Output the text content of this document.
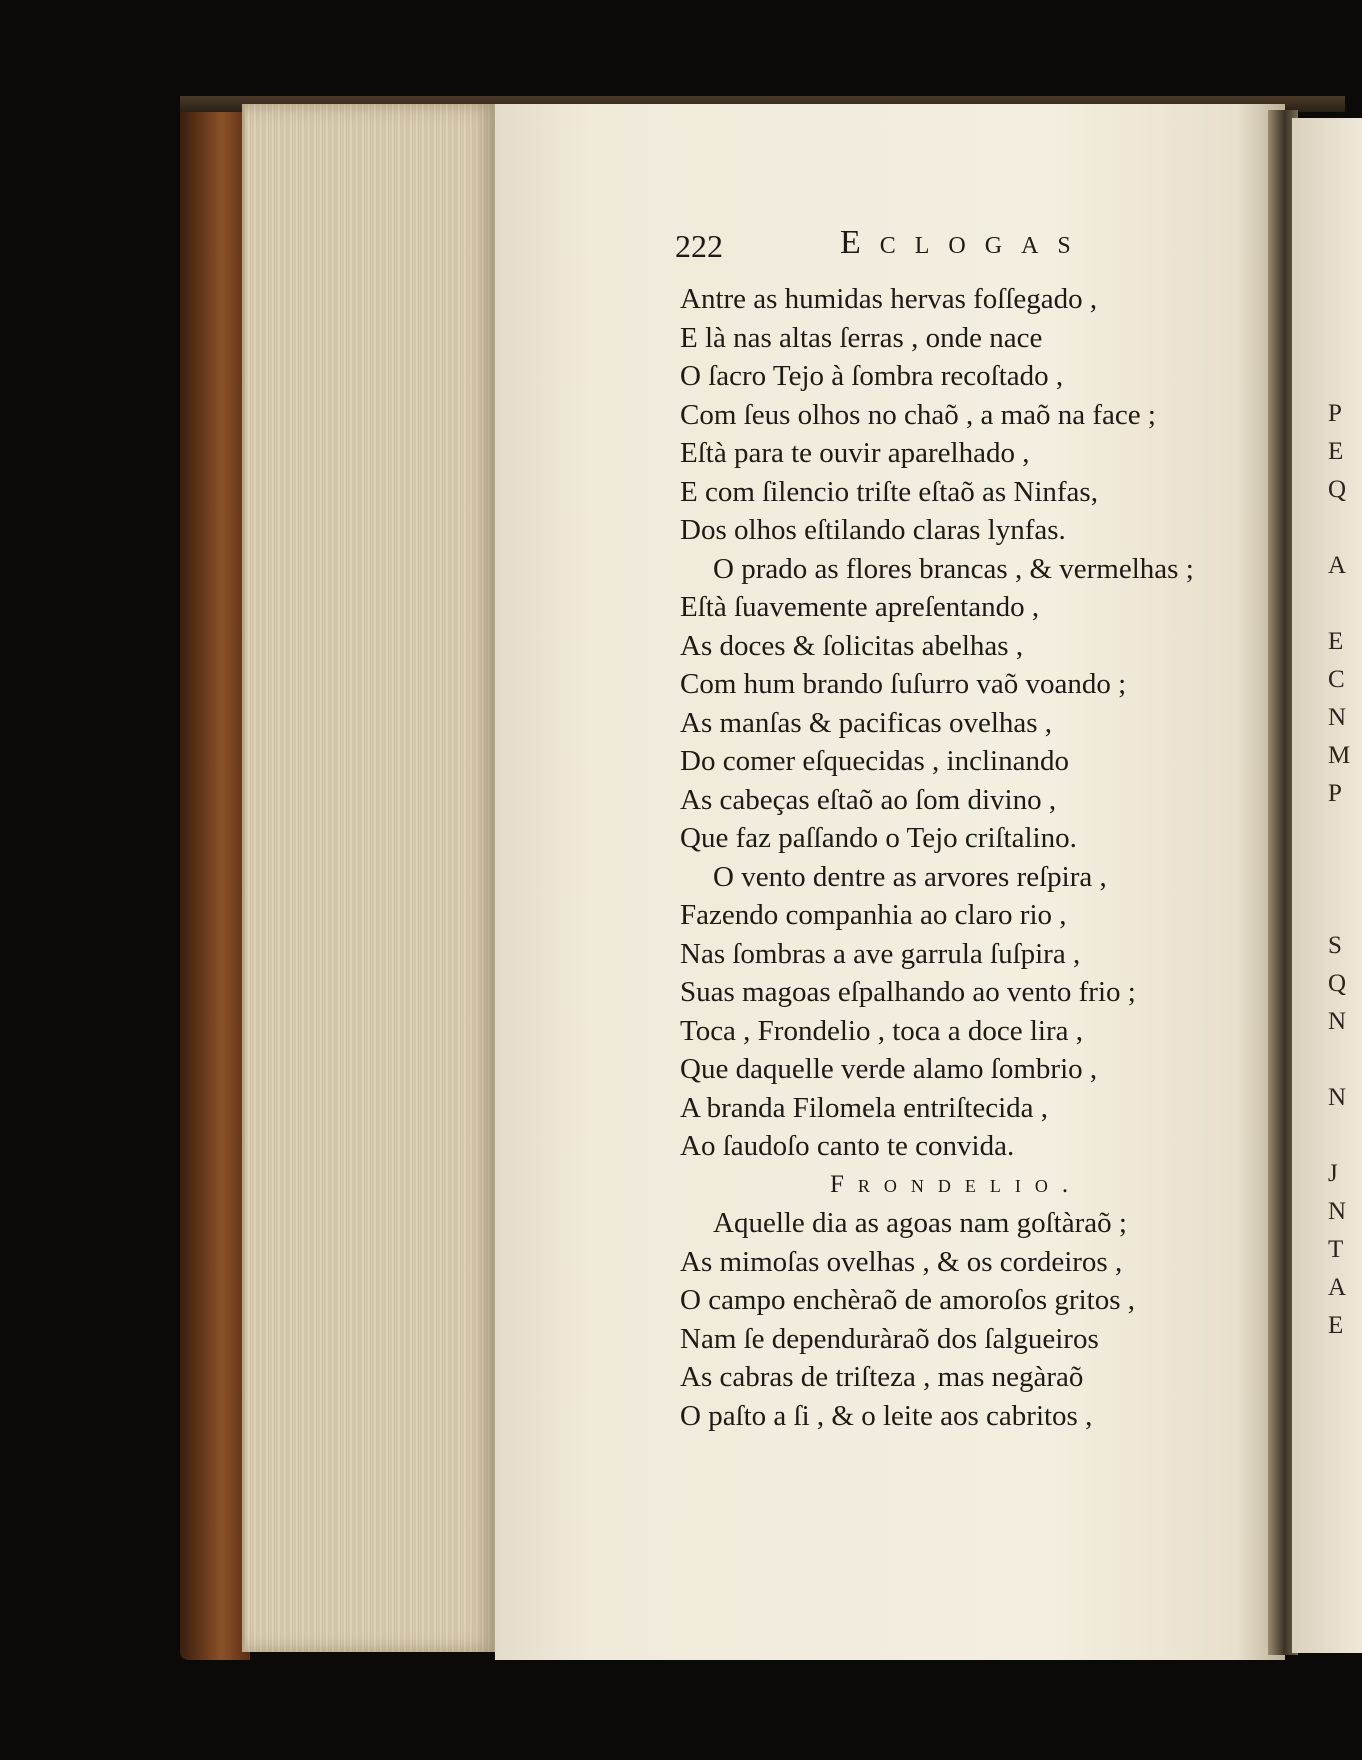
P
E
Q
A
E
C
N
M
P
S
Q
N
N
J
N
T
A
E
222	Eclogas
Antre as humidas hervas foſſegado ,
E là nas altas ſerras , onde nace
O ſacro Tejo à ſombra recoſtado ,
Com ſeus olhos no chaõ , a maõ na face ;
Eſtà para te ouvir aparelhado ,
E com ſilencio triſte eſtaõ as Ninfas,
Dos olhos eſtilando claras lynfas.
O prado as flores brancas , & vermelhas ;
Eſtà ſuavemente apreſentando ,
As doces & ſolicitas abelhas ,
Com hum brando ſuſurro vaõ voando ;
As manſas & pacificas ovelhas ,
Do comer eſquecidas , inclinando
As cabeças eſtaõ ao ſom divino ,
Que faz paſſando o Tejo criſtalino.
O vento dentre as arvores reſpira ,
Fazendo companhia ao claro rio ,
Nas ſombras a ave garrula ſuſpira ,
Suas magoas eſpalhando ao vento frio ;
Toca , Frondelio , toca a doce lira ,
Que daquelle verde alamo ſombrio ,
A branda Filomela entriſtecida ,
Ao ſaudoſo canto te convida.
Frondelio.
Aquelle dia as agoas nam goſtàraõ ;
As mimoſas ovelhas , & os cordeiros ,
O campo enchèraõ de amoroſos gritos ,
Nam ſe dependuràraõ dos ſalgueiros
As cabras de triſteza , mas negàraõ
O paſto a ſi , & o leite aos cabritos ,
